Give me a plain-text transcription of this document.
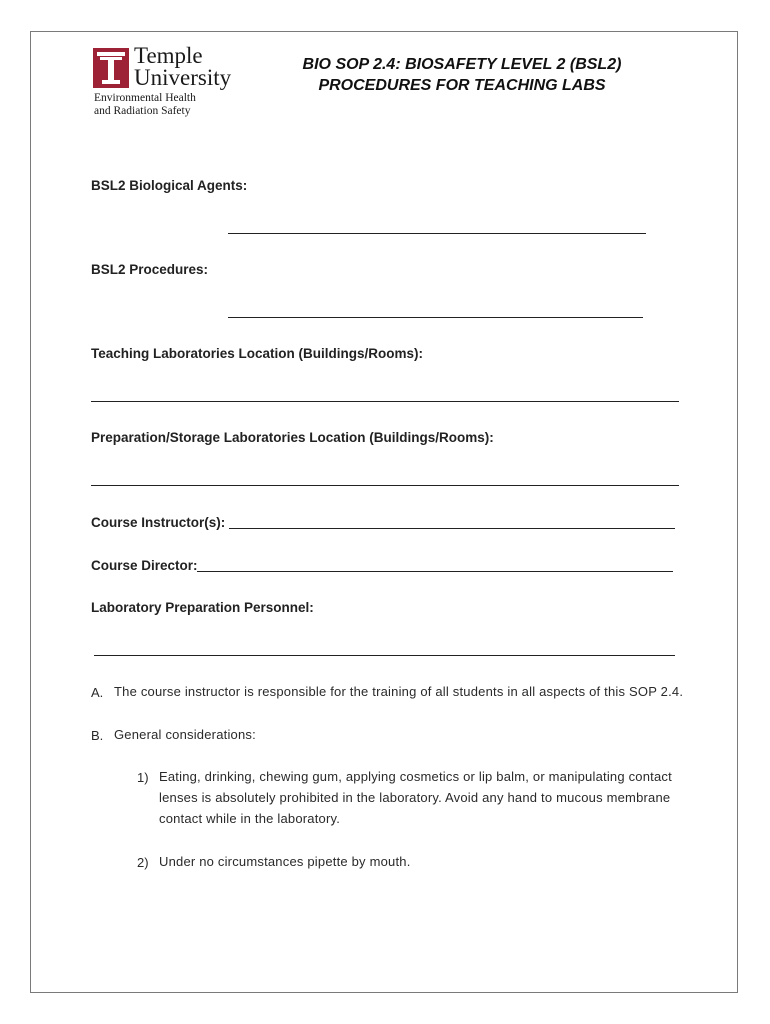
Temple
University
Environmental Health
and Radiation Safety
BIO SOP 2.4: BIOSAFETY LEVEL 2 (BSL2)
PROCEDURES FOR TEACHING LABS
BSL2 Biological Agents:
BSL2 Procedures:
Teaching Laboratories Location (Buildings/Rooms):
Preparation/Storage Laboratories Location (Buildings/Rooms):
Course Instructor(s):
Course Director:
Laboratory Preparation Personnel:
A. The course instructor is responsible for the training of all students in all aspects of this SOP 2.4.
B. General considerations:
1) Eating, drinking, chewing gum, applying cosmetics or lip balm, or manipulating contact lenses is absolutely prohibited in the laboratory. Avoid any hand to mucous membrane contact while in the laboratory.
2) Under no circumstances pipette by mouth.
